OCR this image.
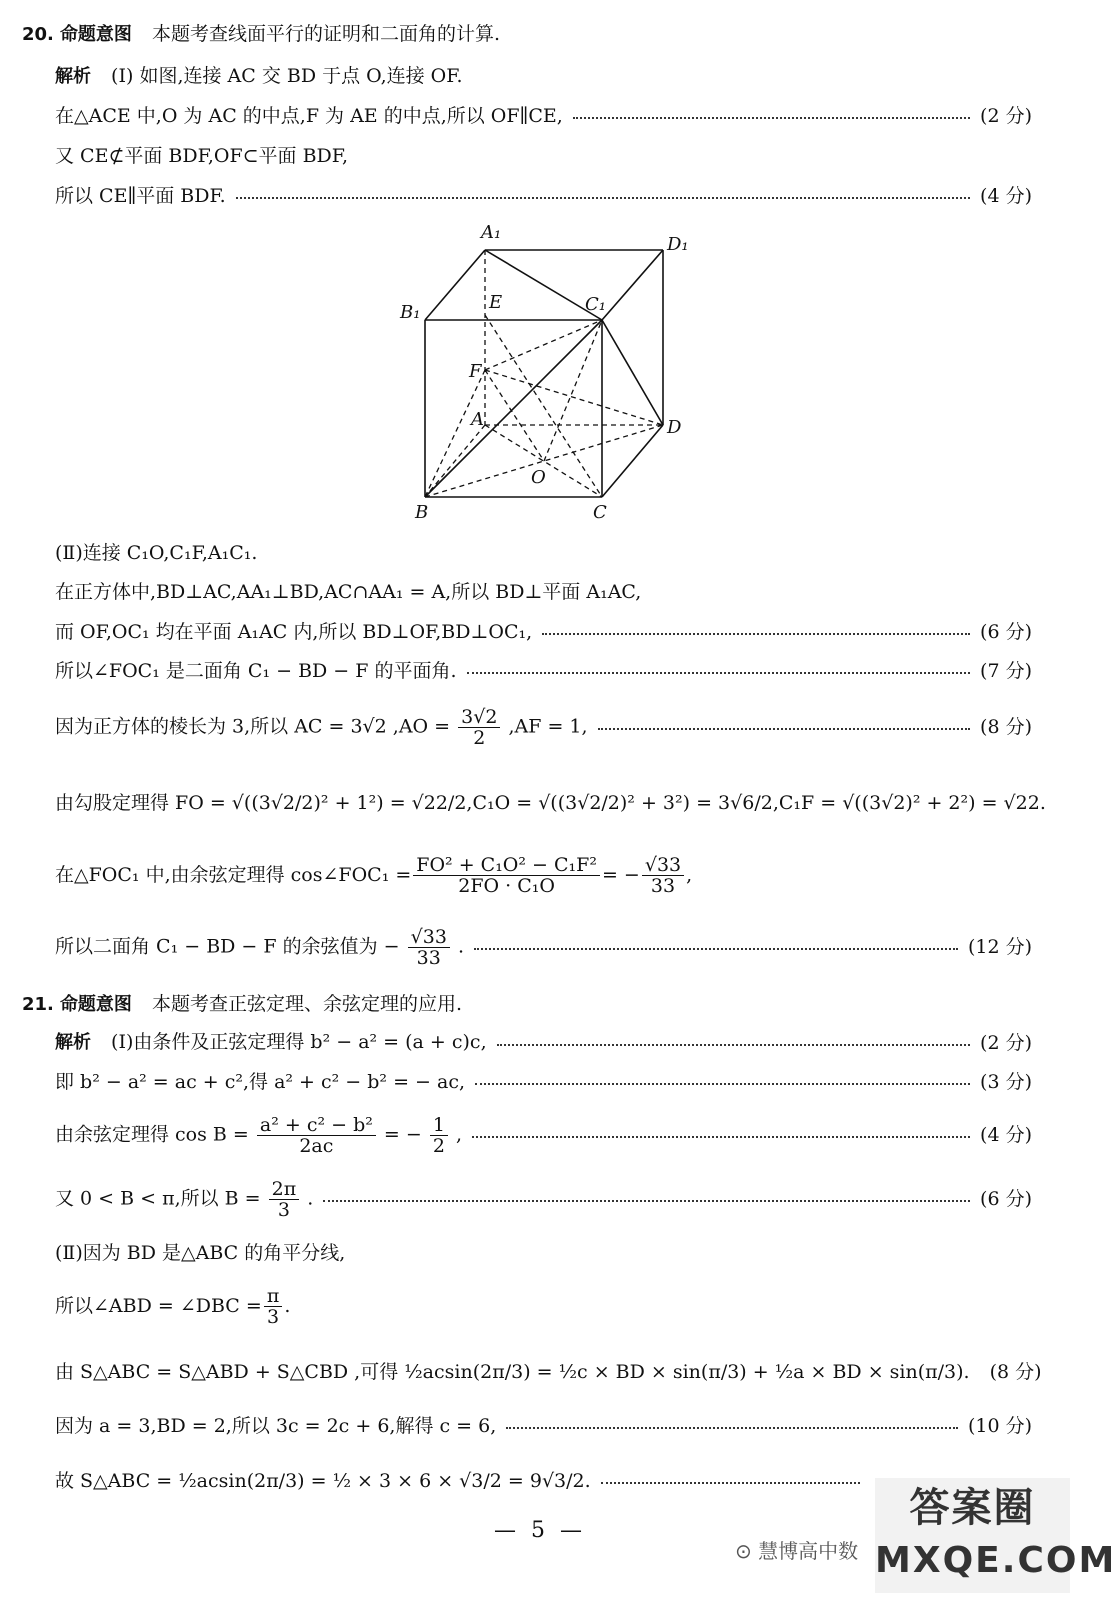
20. 命题意图 本题考查线面平行的证明和二面角的计算.
解析 (Ⅰ) 如图,连接 AC 交 BD 于点 O,连接 OF.
在△ACE 中,O 为 AC 的中点,F 为 AE 的中点,所以 OF∥CE,	(2 分)
又 CE⊄平面 BDF,OF⊂平面 BDF,
所以 CE∥平面 BDF.	(4 分)
A₁
D₁
B₁	C₁
E
F
A	D
O
B	C
(Ⅱ)连接 C₁O,C₁F,A₁C₁.
在正方体中,BD⊥AC,AA₁⊥BD,AC∩AA₁ = A,所以 BD⊥平面 A₁AC,
而 OF,OC₁ 均在平面 A₁AC 内,所以 BD⊥OF,BD⊥OC₁,	(6 分)
所以∠FOC₁ 是二面角 C₁ − BD − F 的平面角.	(7 分)
因为正方体的棱长为 3,所以 AC = 3√2 $,AO = \frac{3√2}{2} ,AF = 1$,	(8 分)
由勾股定理得 FO = √((3√2/2)² + 1²) = √22/2,C₁O = √((3√2/2)² + 3²) = 3√6/2,C₁F = √((3√2)² + 2²) = √22.
在△FOC₁ 中,由余弦定理得 cos∠FOC₁ = $\frac{\text{FO² + C₁O² − C₁F²}}{\text{2FO · C₁O}}$ = − $\frac{√33}{33}$ ,
所以二面角 C₁ − BD − F 的余弦值为 − $\frac{√33}{33}$ .	(12 分)
21. 命题意图 本题考查正弦定理、余弦定理的应用.
解析 (Ⅰ)由条件及正弦定理得 b² − a² = (a + c)c,	(2 分)
即 b² − a² = ac + c²,得 a² + c² − b² = − ac,	(3 分)
由余弦定理得 $\cos B = \frac{\text{a² + c² − b²}}{2ac}$ = − $\frac{1}{2}$ ,	(4 分)
又 0 < B < π,所以 $B = \frac{2\pi}{3}$ .	(6 分)
(Ⅱ)因为 BD 是△ABC 的角平分线,
所以∠ABD = ∠DBC = $\frac{\pi}{3}$ .
由 S△ABC = S△ABD + S△CBD ,可得 ½acsin(2π/3) = ½c × BD × sin(π/3) + ½a × BD × sin(π/3). (8 分)
因为 a = 3,BD = 2,所以 3c = 2c + 6,解得 c = 6,	(10 分)
故 S△ABC = ½acsin(2π/3) = ½ × 3 × 6 × √3/2 = 9√3/2.
— 5 —
⊙ 慧博高中数
答案圈
MXQE.COM
